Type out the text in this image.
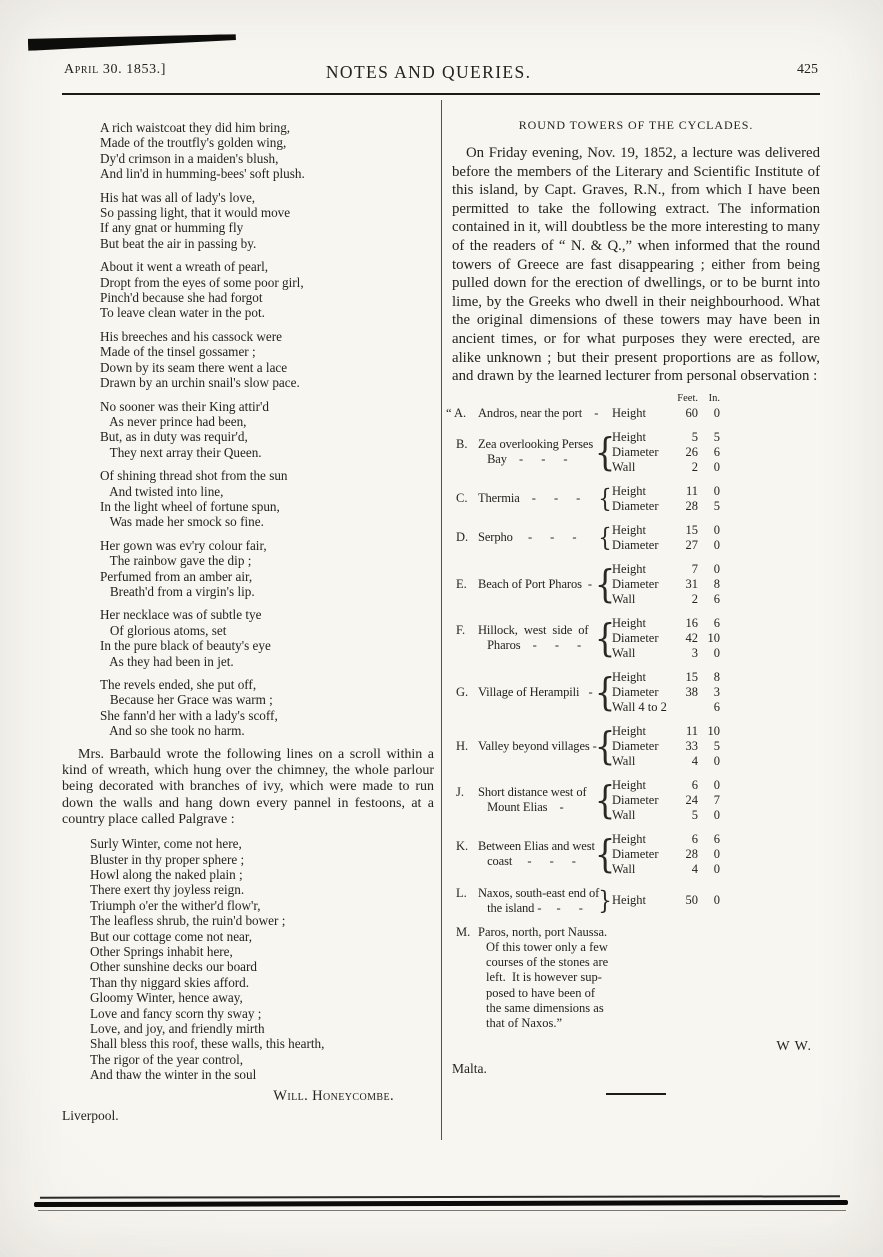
April 30. 1853.]	NOTES AND QUERIES.	425
A rich waistcoat they did him bring,
Made of the troutfly's golden wing,
Dy'd crimson in a maiden's blush,
And lin'd in humming-bees' soft plush.
His hat was all of lady's love,
So passing light, that it would move
If any gnat or humming fly
But beat the air in passing by.
About it went a wreath of pearl,
Dropt from the eyes of some poor girl,
Pinch'd because she had forgot
To leave clean water in the pot.
His breeches and his cassock were
Made of the tinsel gossamer ;
Down by its seam there went a lace
Drawn by an urchin snail's slow pace.
No sooner was their King attir'd
As never prince had been,
But, as in duty was requir'd,
They next array their Queen.
Of shining thread shot from the sun
And twisted into line,
In the light wheel of fortune spun,
Was made her smock so fine.
Her gown was ev'ry colour fair,
The rainbow gave the dip ;
Perfumed from an amber air,
Breath'd from a virgin's lip.
Her necklace was of subtle tye
Of glorious atoms, set
In the pure black of beauty's eye
As they had been in jet.
The revels ended, she put off,
Because her Grace was warm ;
She fann'd her with a lady's scoff,
And so she took no harm.

Mrs. Barbauld wrote the following lines on a scroll within a kind of wreath, which hung over the chimney, the whole parlour being decorated with branches of ivy, which were made to run down the walls and hang down every pannel in festoons, at a country place called Palgrave :

Surly Winter, come not here,
Bluster in thy proper sphere ;
Howl along the naked plain ;
There exert thy joyless reign.
Triumph o'er the wither'd flow'r,
The leafless shrub, the ruin'd bower ;
But our cottage come not near,
Other Springs inhabit here,
Other sunshine decks our board
Than thy niggard skies afford.
Gloomy Winter, hence away,
Love and fancy scorn thy sway ;
Love, and joy, and friendly mirth
Shall bless this roof, these walls, this hearth,
The rigor of the year control,
And thaw the winter in the soul
Will. Honeycombe.
Liverpool.
ROUND TOWERS OF THE CYCLADES.

On Friday evening, Nov. 19, 1852, a lecture was delivered before the members of the Literary and Scientific Institute of this island, by Capt. Graves, R.N., from which I have been permitted to take the following extract. The information contained in it, will doubtless be the more interesting to many of the readers of “ N. & Q.,” when informed that the round towers of Greece are fast disappearing ; either from being pulled down for the erection of dwellings, or to be burnt into lime, by the Greeks who dwell in their neighbourhood. What the original dimensions of these towers may have been in ancient times, or for what purposes they were erected, are alike unknown ; but their present proportions are as follow, and drawn by the learned lecturer from personal observation :

Feet.	In.
“ A. Andros, near the port    - Height	60	0
B. Zea overlooking Perses
Bay    -      -      - {
Height	5	5
Diameter	26	6
Wall	2	0
C. Thermia    -      -      - { Height	11	0
Diameter	28	5
D. Serpho     -      -      - { Height	15	0
Diameter	27	0
E. Beach of Port Pharos  - {
Height	7	0
Diameter	31	8
Wall	2	6
F.	Hillock,  west  side  of
Pharos    -      -      - {
Height	16	6
Diameter	42 10
Wall	3	0
G. Village of Herampili   - {
Height	15	8
Diameter	38	3
Wall 4 to 2	6
H. Valley beyond villages -
{
Height	11 10
Diameter	33	5
Wall	4	0
J.	Short distance west of
Mount Elias    - {
Height	6	0
Diameter	24	7
Wall	5	0
K. Between Elias and west
coast     -      -      - {
Height	6	6
Diameter	28	0
Wall	4	0
L. Naxos, south-east end of
the island -     -      - } Height	50	0
M. Paros, north, port Naussa.
Of this tower only a few
courses of the stones are
left.  It is however sup-
posed to have been of
the same dimensions as
that of Naxos.”
W W.
Malta.
